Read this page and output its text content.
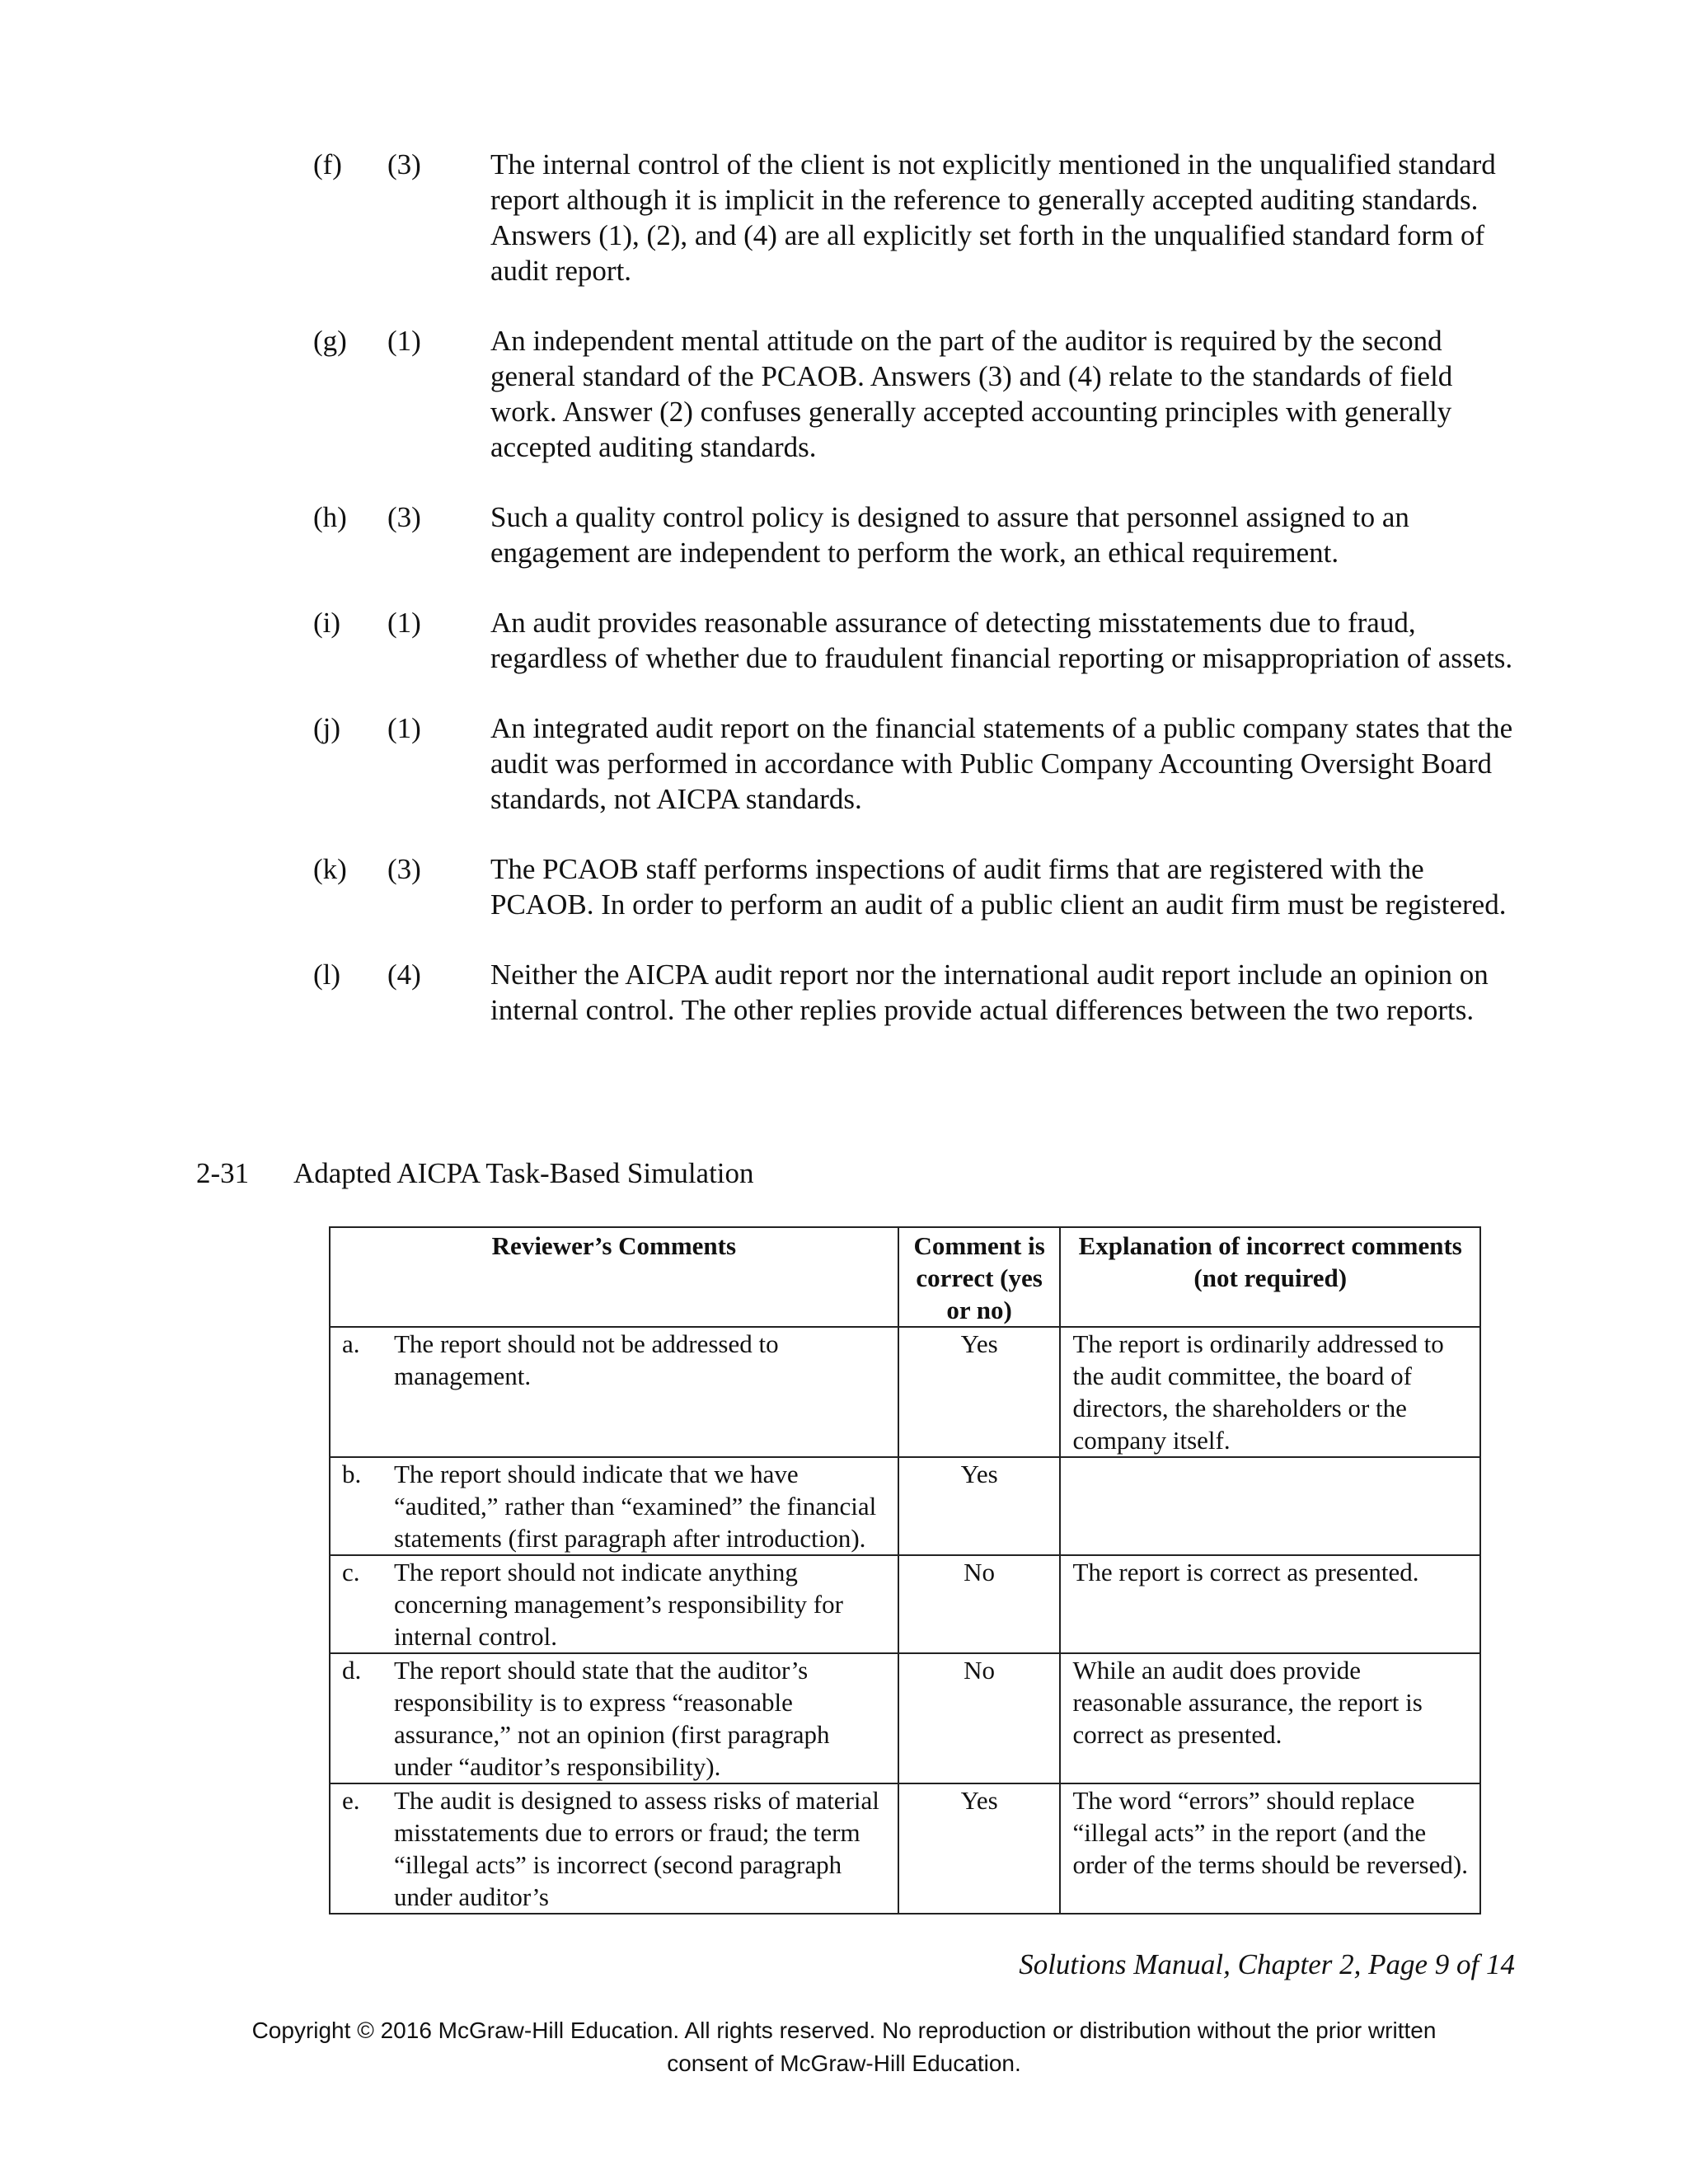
(f)	(3)	The internal control of the client is not explicitly mentioned in the unqualified standard report although it is implicit in the reference to generally accepted auditing standards. Answers (1), (2), and (4) are all explicitly set forth in the unqualified standard form of audit report.
(g)	(1)	An independent mental attitude on the part of the auditor is required by the second general standard of the PCAOB. Answers (3) and (4) relate to the standards of field work. Answer (2) confuses generally accepted accounting principles with generally accepted auditing standards.
(h)	(3)	Such a quality control policy is designed to assure that personnel assigned to an engagement are independent to perform the work, an ethical requirement.
(i)	(1)	An audit provides reasonable assurance of detecting misstatements due to fraud, regardless of whether due to fraudulent financial reporting or misappropriation of assets.
(j)	(1)	An integrated audit report on the financial statements of a public company states that the audit was performed in accordance with Public Company Accounting Oversight Board standards, not AICPA standards.
(k)	(3)	The PCAOB staff performs inspections of audit firms that are registered with the PCAOB. In order to perform an audit of a public client an audit firm must be registered.
(l)	(4)	Neither the AICPA audit report nor the international audit report include an opinion on internal control. The other replies provide actual differences between the two reports.
2-31	Adapted AICPA Task-Based Simulation
Reviewer’s Comments	Comment is correct (yes or no)	Explanation of incorrect comments (not required)

a. The report should not be addressed to management.	Yes	The report is ordinarily addressed to the audit committee, the board of directors, the shareholders or the company itself.

b. The report should indicate that we have “audited,” rather than “examined” the financial statements (first paragraph after introduction).	Yes	

c. The report should not indicate anything concerning management’s responsibility for internal control.	No	The report is correct as presented.

d. The report should state that the auditor’s responsibility is to express “reasonable assurance,” not an opinion (first paragraph under “auditor’s responsibility).	No	While an audit does provide reasonable assurance, the report is correct as presented.

e. The audit is designed to assess risks of material misstatements due to errors or fraud; the term “illegal acts” is incorrect (second paragraph under auditor’s	Yes	The word “errors” should replace “illegal acts” in the report (and the order of the terms should be reversed).
Solutions Manual, Chapter 2, Page 9 of 14
Copyright © 2016 McGraw-Hill Education. All rights reserved. No reproduction or distribution without the prior written
consent of McGraw-Hill Education.
